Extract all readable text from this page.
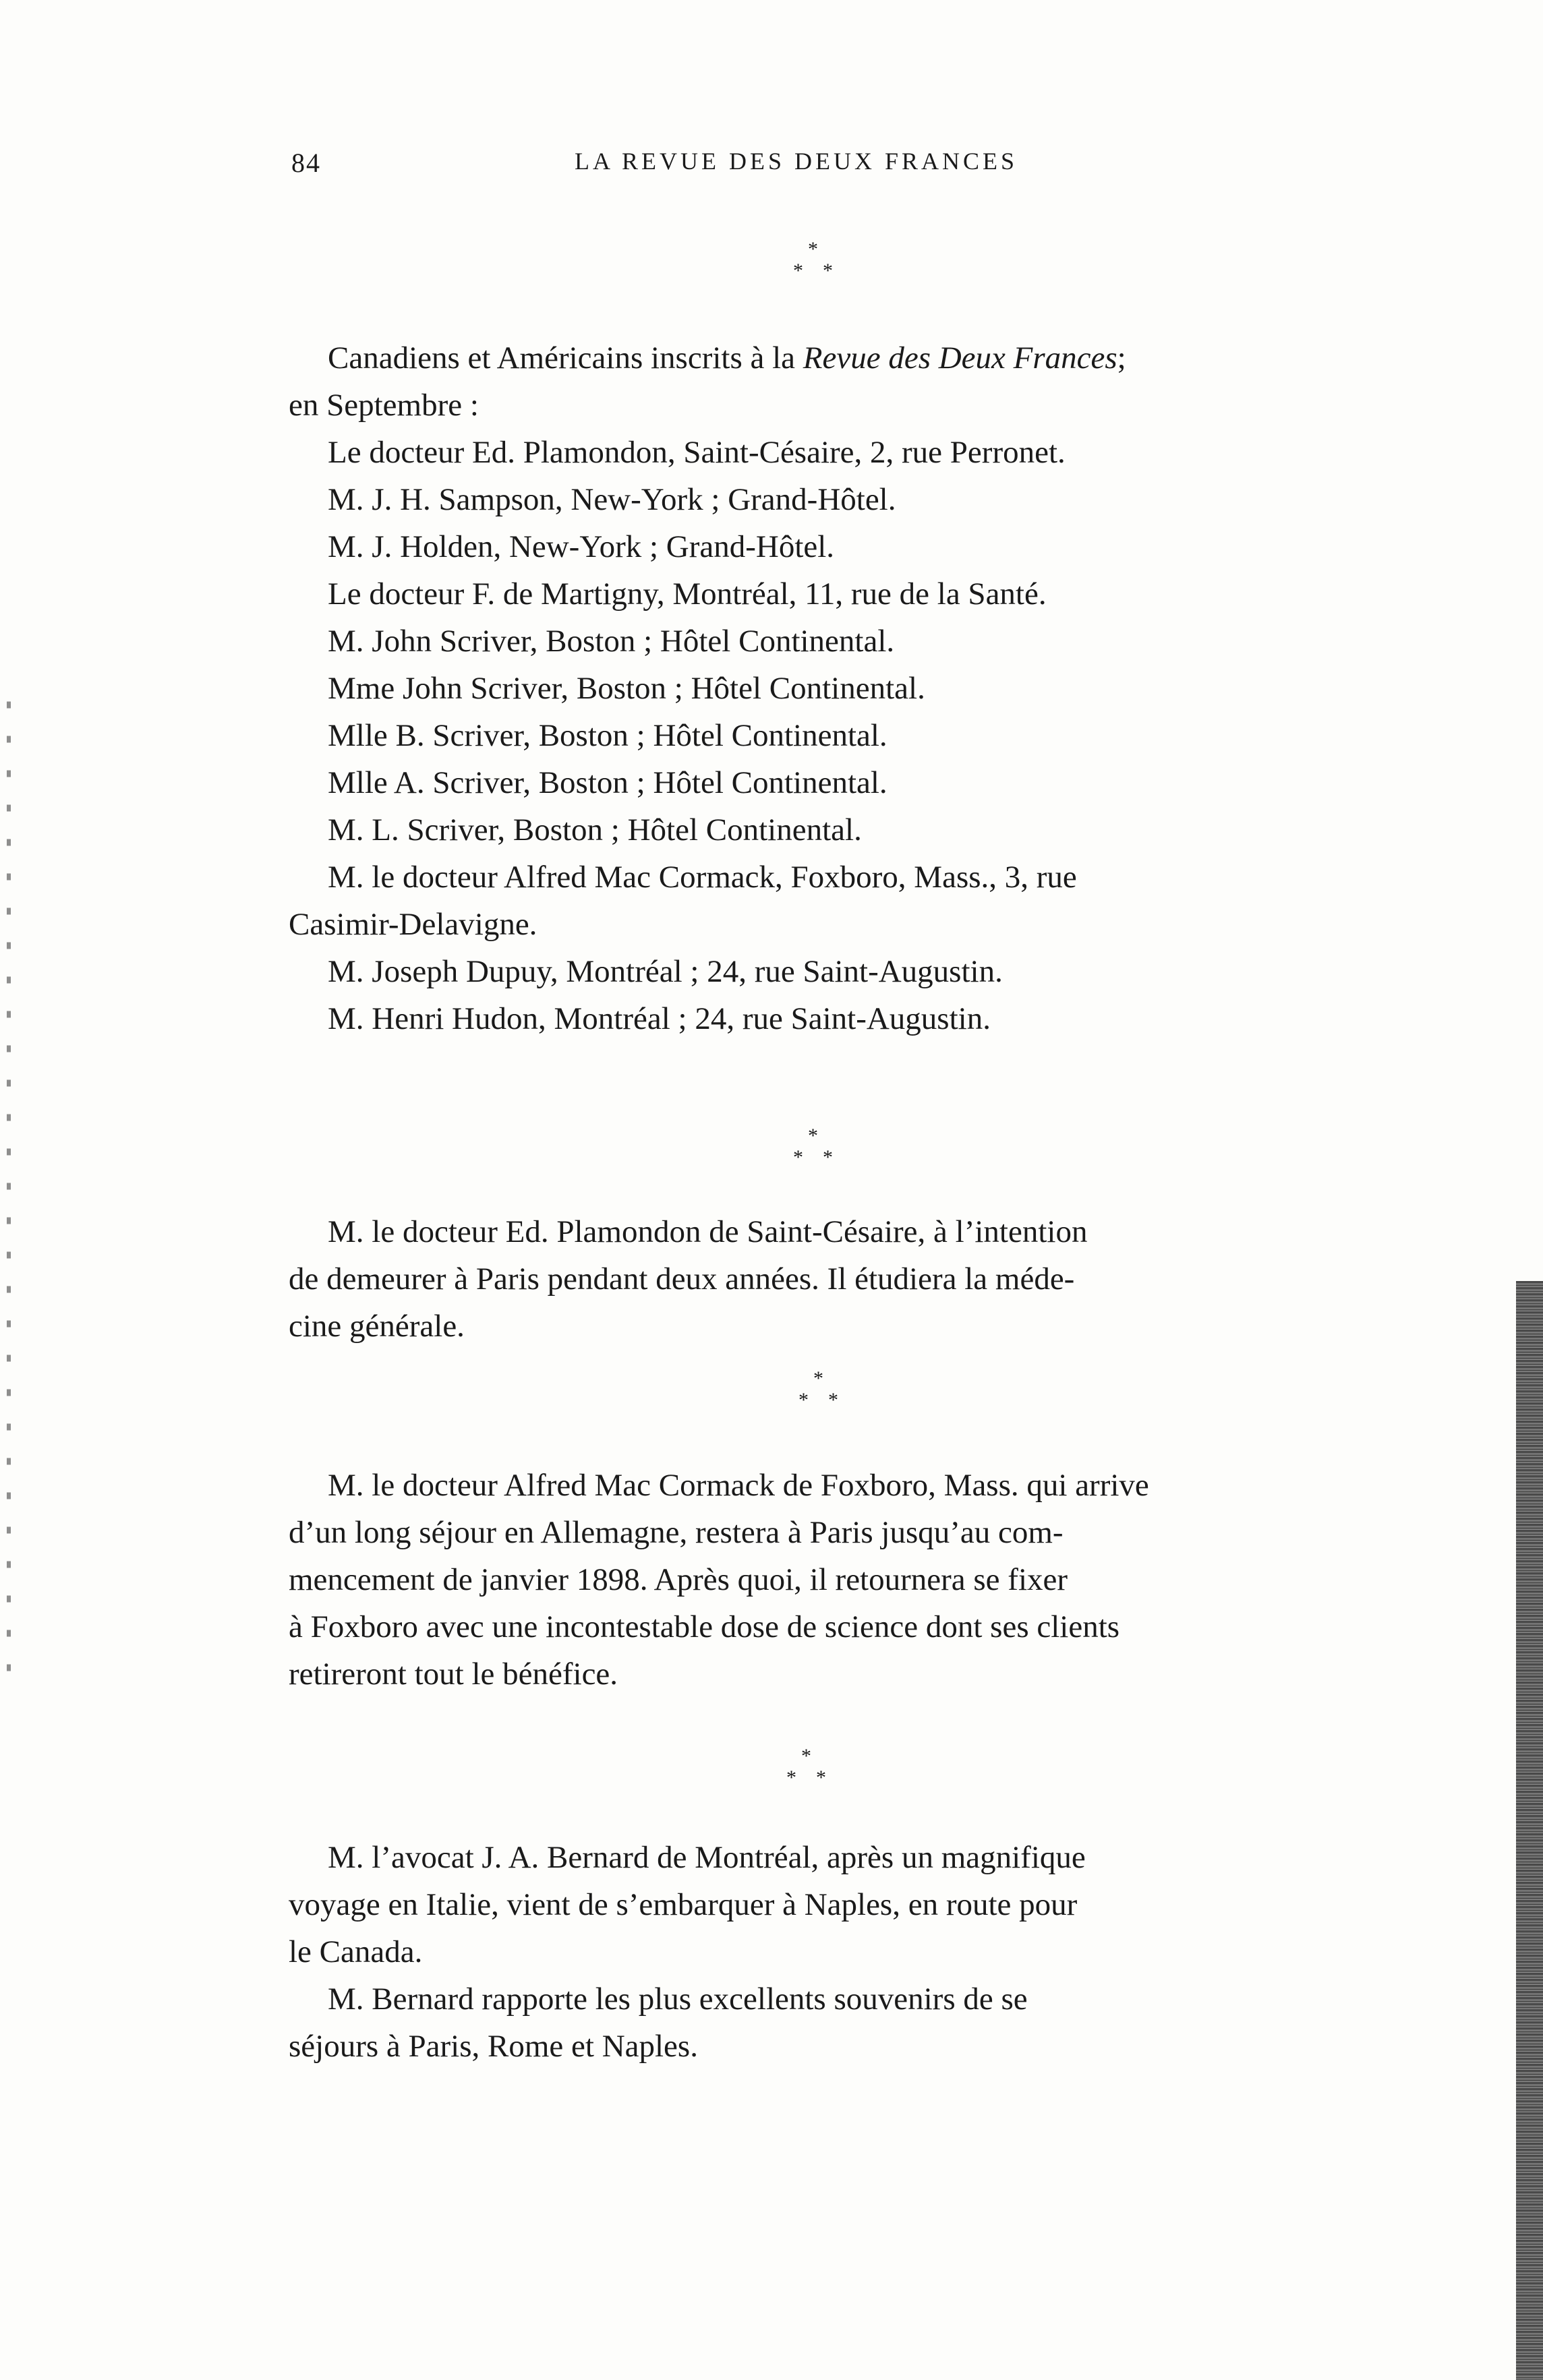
84	LA REVUE DES DEUX FRANCES
*
* *
Canadiens et Américains inscrits à la Revue des Deux Frances;
en Septembre :
Le docteur Ed. Plamondon, Saint-Césaire, 2, rue Perronet.
M. J. H. Sampson, New-York ; Grand-Hôtel.
M. J. Holden, New-York ; Grand-Hôtel.
Le docteur F. de Martigny, Montréal, 11, rue de la Santé.
M. John Scriver, Boston ; Hôtel Continental.
Mme John Scriver, Boston ; Hôtel Continental.
Mlle B. Scriver, Boston ; Hôtel Continental.
Mlle A. Scriver, Boston ; Hôtel Continental.
M. L. Scriver, Boston ; Hôtel Continental.
M. le docteur Alfred Mac Cormack, Foxboro, Mass., 3, rue
Casimir-Delavigne.
M. Joseph Dupuy, Montréal ; 24, rue Saint-Augustin.
M. Henri Hudon, Montréal ; 24, rue Saint-Augustin.
*
* *
M. le docteur Ed. Plamondon de Saint-Césaire, à l’intention
de demeurer à Paris pendant deux années. Il étudiera la méde-
cine générale.
*
* *
M. le docteur Alfred Mac Cormack de Foxboro, Mass. qui arrive
d’un long séjour en Allemagne, restera à Paris jusqu’au com-
mencement de janvier 1898. Après quoi, il retournera se fixer
à Foxboro avec une incontestable dose de science dont ses clients
retireront tout le bénéfice.
*
* *
M. l’avocat J. A. Bernard de Montréal, après un magnifique
voyage en Italie, vient de s’embarquer à Naples, en route pour
le Canada.
M. Bernard rapporte les plus excellents souvenirs de se
séjours à Paris, Rome et Naples.
